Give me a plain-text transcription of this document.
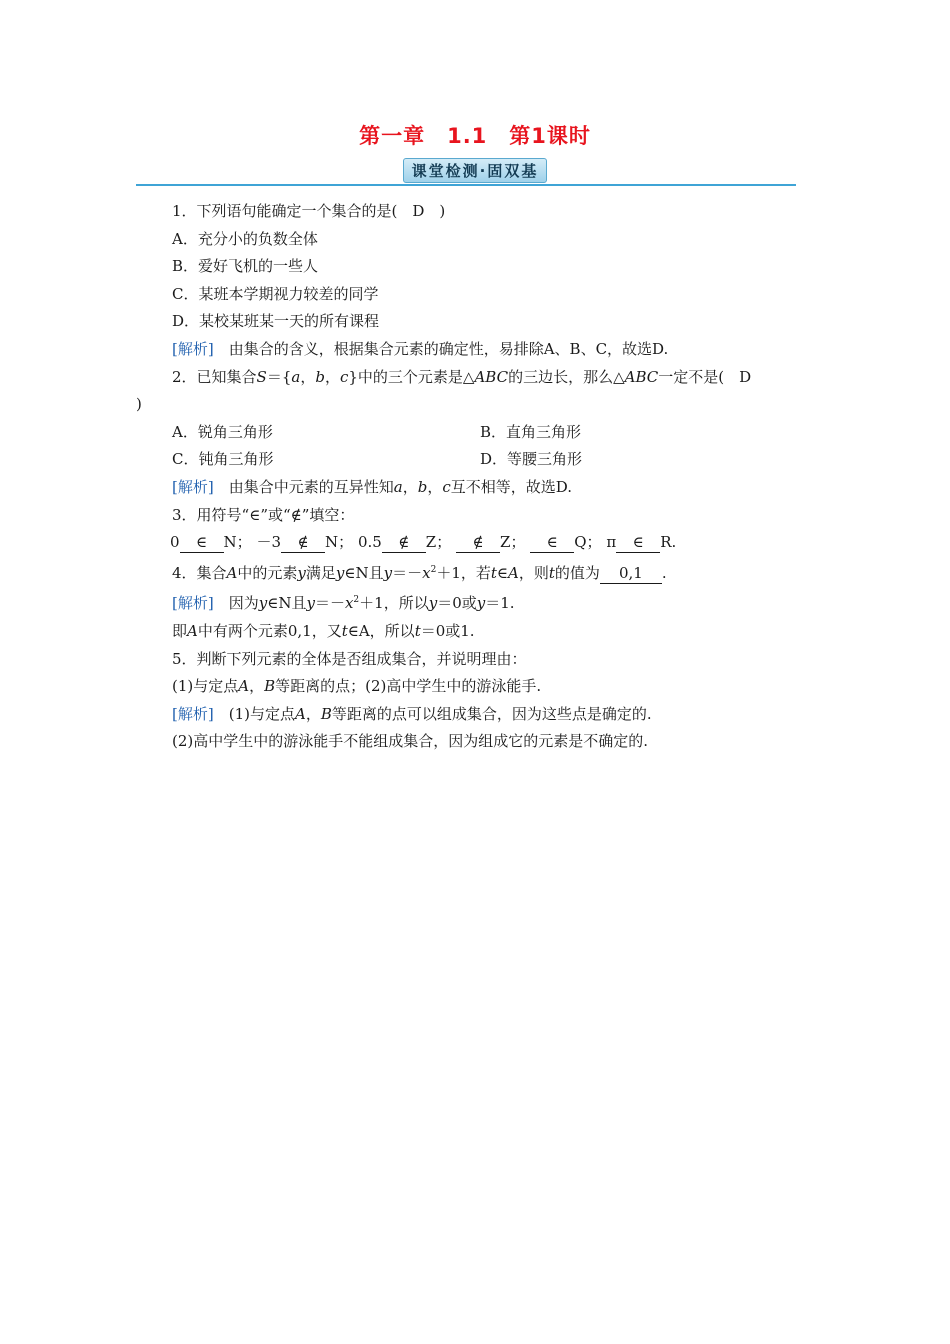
第一章　1.1　第1课时
课堂检测·固双基
1．下列语句能确定一个集合的是(　D　)
A．充分小的负数全体
B．爱好飞机的一些人
C．某班本学期视力较差的同学
D．某校某班某一天的所有课程
[解析]　由集合的含义，根据集合元素的确定性，易排除A、B、C，故选D.
2．已知集合S＝{a，b，c}中的三个元素是△ABC的三边长，那么△ABC一定不是(　D
)
A．锐角三角形	B．直角三角形
C．钝角三角形	D．等腰三角形
[解析]　由集合中元素的互异性知a，b，c互不相等，故选D.
3．用符号“∈”或“∉”填空：
0 ∈ N； －3 ∉ N； 0.5 ∉ Z； ∉ Z； ∈ Q； π ∈ R.
4．集合A中的元素y满足y∈N且$y=-x^2+1$，若t∈A，则t的值为 0,1 .
[解析]　因为y∈N且$y=-x^2+1$，所以y＝0或y＝1.
即A中有两个元素0,1，又t∈A，所以t＝0或1.
5．判断下列元素的全体是否组成集合，并说明理由：
(1)与定点A，B等距离的点；(2)高中学生中的游泳能手.
[解析]　(1)与定点A，B等距离的点可以组成集合，因为这些点是确定的.
(2)高中学生中的游泳能手不能组成集合，因为组成它的元素是不确定的.
